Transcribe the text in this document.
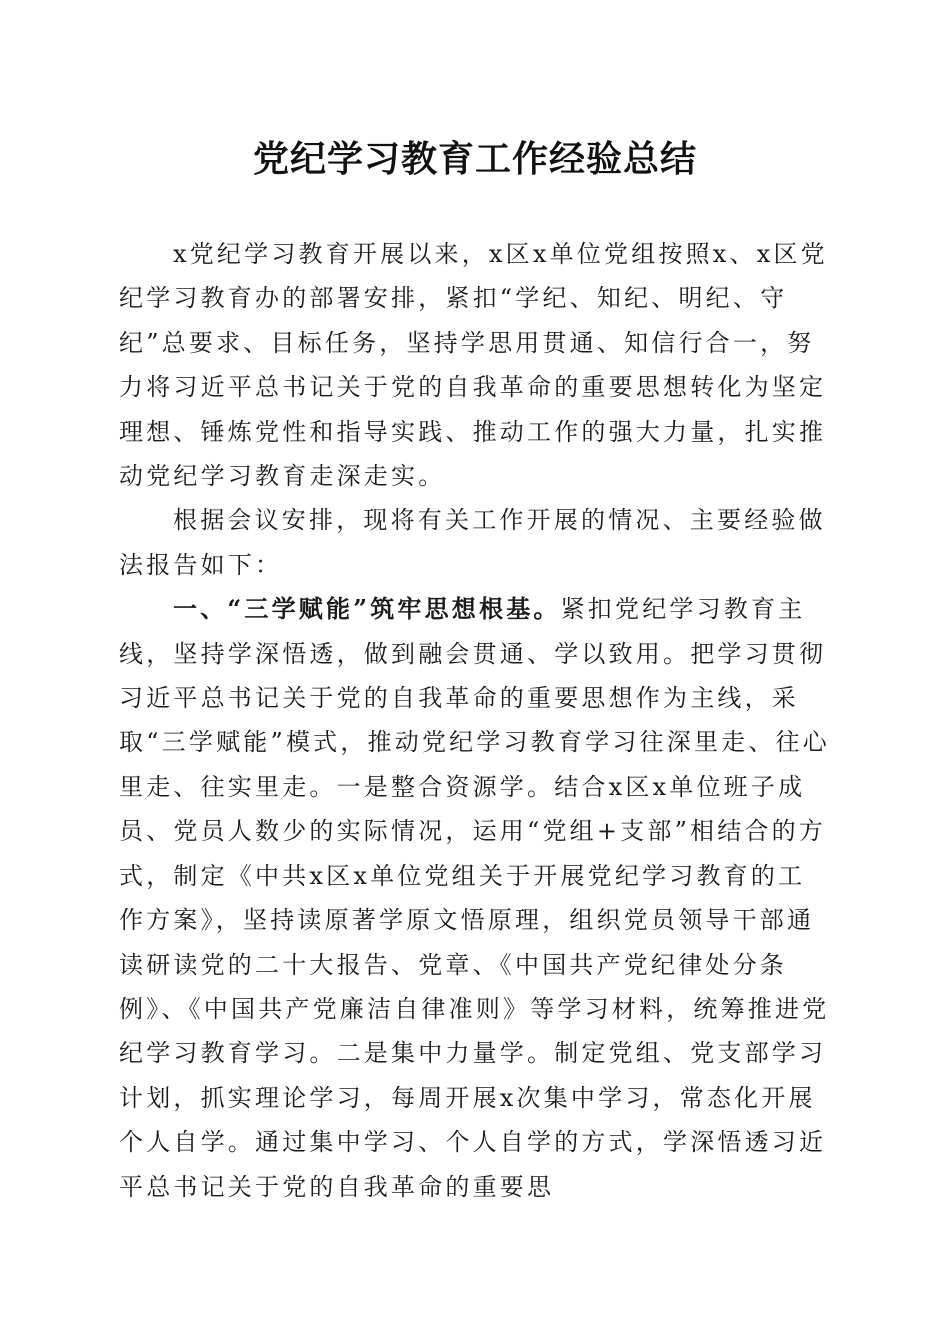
党纪学习教育工作经验总结

x党纪学习教育开展以来，x区x单位党组按照x、x区党纪学习教育办的部署安排，紧扣“学纪、知纪、明纪、守纪”总要求、目标任务，坚持学思用贯通、知信行合一，努力将习近平总书记关于党的自我革命的重要思想转化为坚定理想、锤炼党性和指导实践、推动工作的强大力量，扎实推动党纪学习教育走深走实。

根据会议安排，现将有关工作开展的情况、主要经验做法报告如下：

一、“三学赋能”筑牢思想根基。紧扣党纪学习教育主线，坚持学深悟透，做到融会贯通、学以致用。把学习贯彻习近平总书记关于党的自我革命的重要思想作为主线，采取“三学赋能”模式，推动党纪学习教育学习往深里走、往心里走、往实里走。一是整合资源学。结合x区x单位班子成员、党员人数少的实际情况，运用“党组+支部”相结合的方式，制定《中共x区x单位党组关于开展党纪学习教育的工作方案》，坚持读原著学原文悟原理，组织党员领导干部通读研读党的二十大报告、党章、《中国共产党纪律处分条例》、《中国共产党廉洁自律准则》等学习材料，统筹推进党纪学习教育学习。二是集中力量学。制定党组、党支部学习计划，抓实理论学习，每周开展x次集中学习，常态化开展个人自学。通过集中学习、个人自学的方式，学深悟透习近平总书记关于党的自我革命的重要思
